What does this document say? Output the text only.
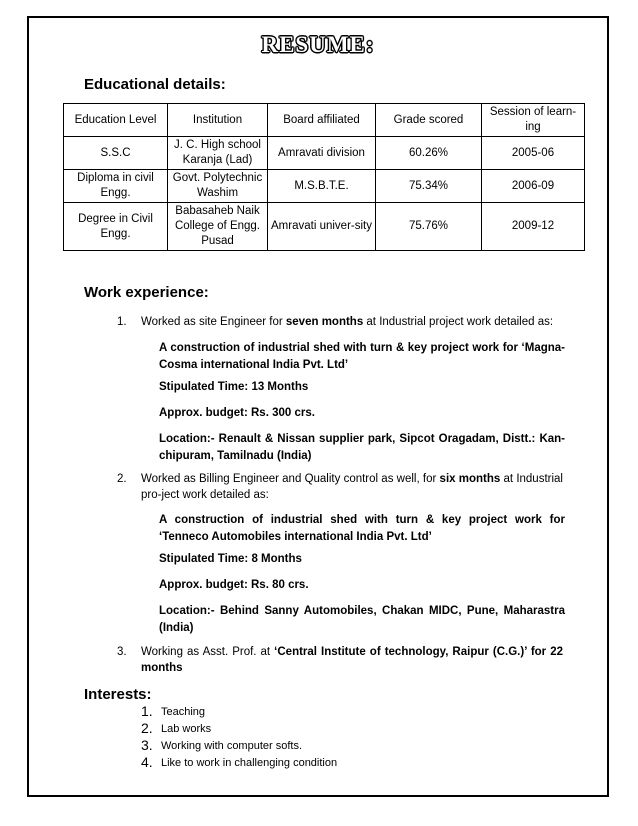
RESUME:
Educational details:
Education Level	Institution	Board affiliated	Grade scored	Session of learn-ing
S.S.C	J. C. High school Karanja (Lad)	Amravati division	60.26%	2005-06
Diploma in civil Engg.	Govt. Polytechnic Washim	M.S.B.T.E.	75.34%	2006-09
Degree in Civil Engg.	Babasaheb Naik College of Engg. Pusad	Amravati univer-sity	75.76%	2009-12
Work experience:
1. Worked as site Engineer for seven months at Industrial project work detailed as:
A construction of industrial shed with turn & key project work for ‘Magna-Cosma international India Pvt. Ltd’
Stipulated Time: 13 Months
Approx. budget: Rs. 300 crs.
Location:- Renault & Nissan supplier park, Sipcot Oragadam, Distt.: Kan-chipuram, Tamilnadu (India)
2. Worked as Billing Engineer and Quality control as well, for six months at Industrial pro-ject work detailed as:
A construction of industrial shed with turn & key project work for ‘Tenneco Automobiles international India Pvt. Ltd’
Stipulated Time: 8 Months
Approx. budget: Rs. 80 crs.
Location:- Behind Sanny Automobiles, Chakan MIDC, Pune, Maharastra (India)
3. Working as Asst. Prof. at ‘Central Institute of technology, Raipur (C.G.)’ for 22 months
Interests:
1. Teaching
2. Lab works
3. Working with computer softs.
4. Like to work in challenging condition
